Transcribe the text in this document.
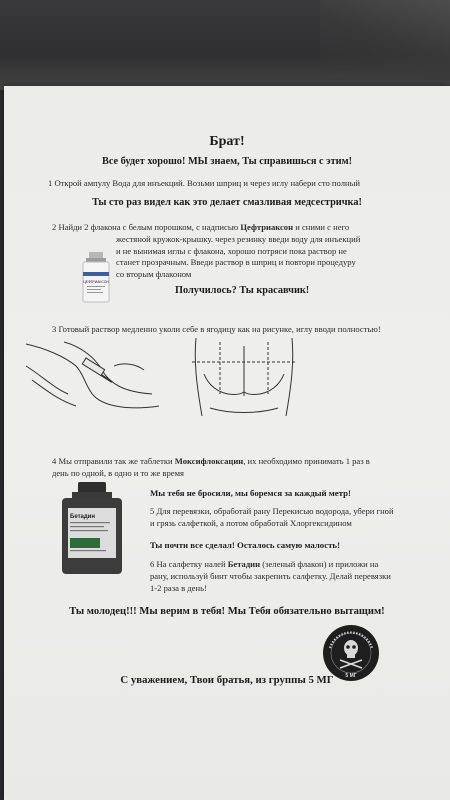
Брат!

Все будет хорошо! МЫ знаем, Ты справишься с этим!

1 Открой ампулу Вода для инъекций. Возьми шприц и через иглу набери сто полный

Ты сто раз видел как это делает смазливая медсестричка!

2 Найди 2 флакона с белым порошком, с надписью Цефтриаксон и сними с него

жестяной кружок-крышку. через резинку введи воду для инъекций
и не вынимая иглы с флакона, хорошо потряси пока раствор не
станет прозрачным. Введи раствор в шприц и повтори процедуру
со вторым флаконом
ЦЕФТРИАКСОН

Получилось? Ты красавчик!

3 Готовый раствор медленно уколи себе в ягодицу как на рисунке, иглу вводи полностью!

4 Мы отправили так же таблетки Моксифлоксацин, их необходимо принимать 1 раз в

день по одной, в одно и то же время

Бетадин

Мы тебя не бросили, мы боремся за каждый метр!

5 Для перевязки, обработай рану Перекисью водорода, убери гной
и грязь салфеткой, а потом обработай Хлоргексидином

Ты почти все сделал! Осталось самую малость!

6 На салфетку налей Бетадин (зеленый флакон) и приложи на

рану, используй бинт чтобы закрепить салфетку. Делай перевязки
1-2 раза в день!

Ты молодец!!! Мы верим в тебя! Мы Тебя обязательно вытащим!

5 МГ

С уважением, Твои братья, из группы 5 МГ
